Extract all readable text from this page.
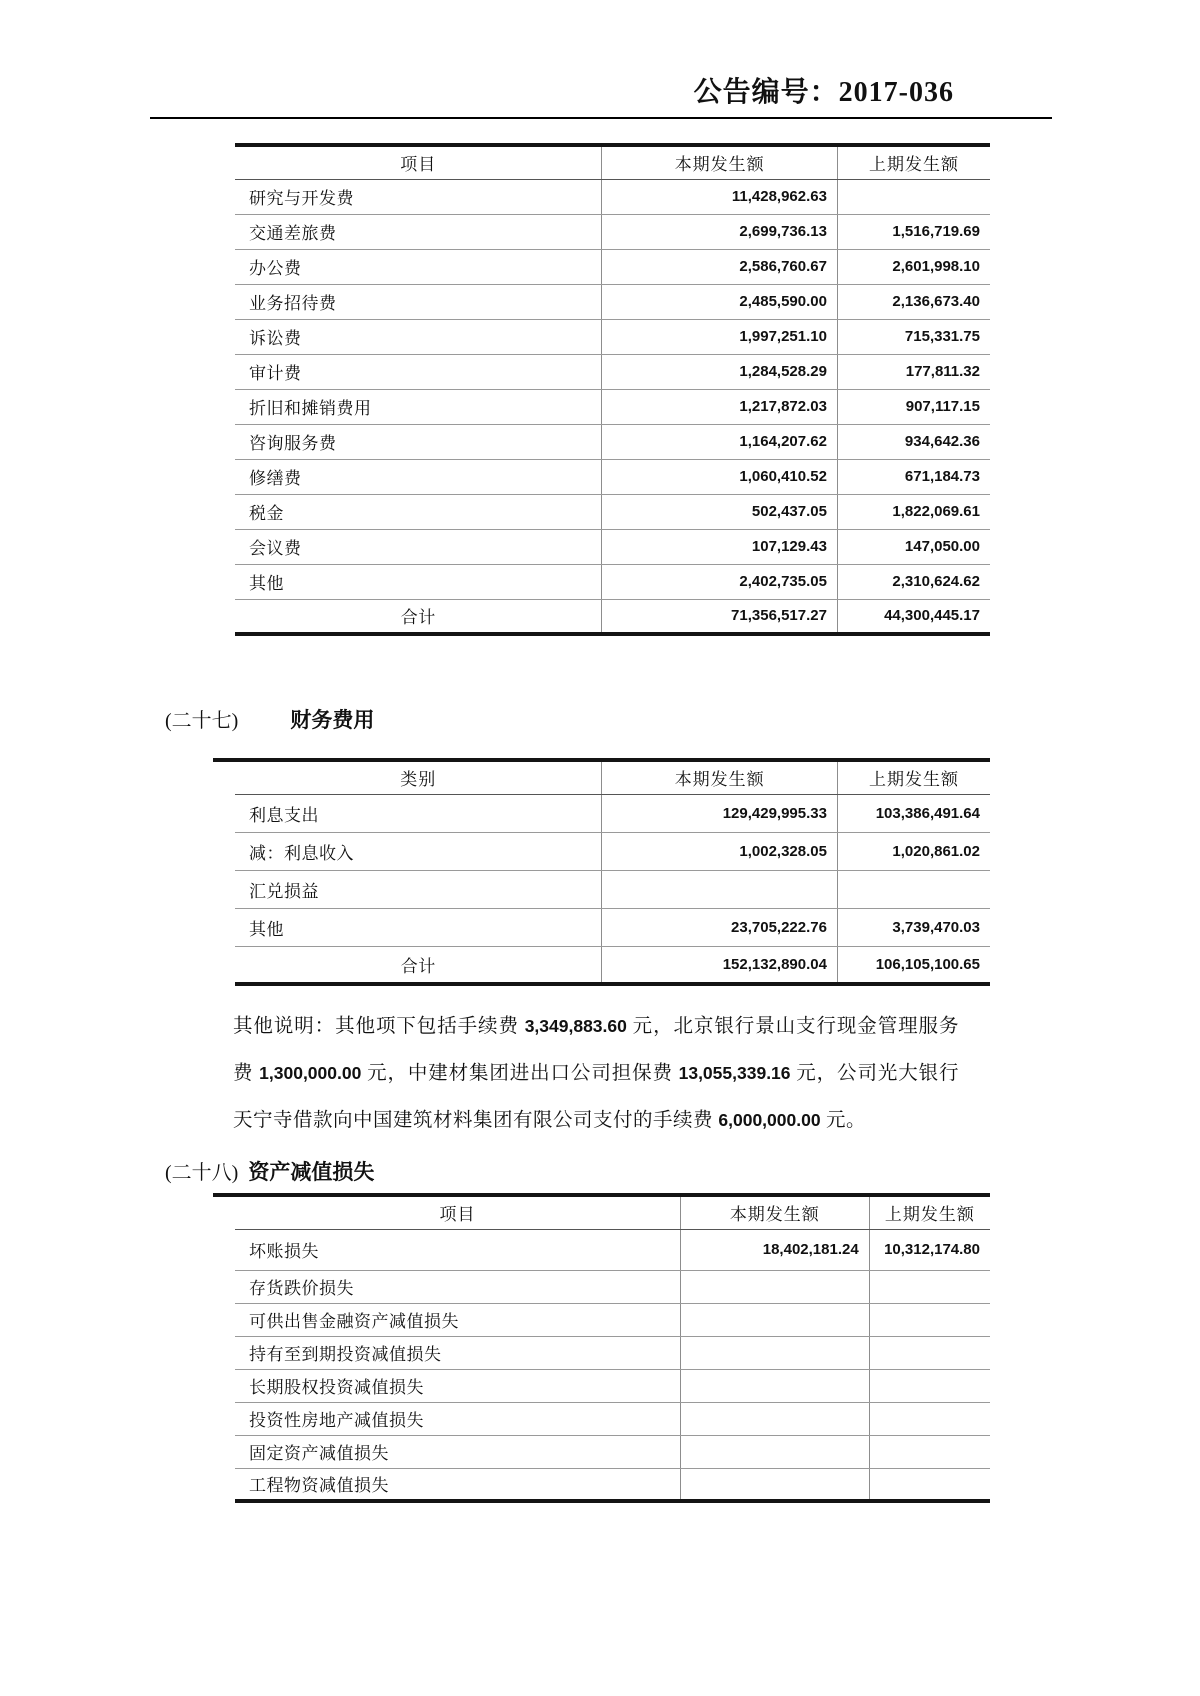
公告编号：2017-036
项目	本期发生额	上期发生额
研究与开发费	11,428,962.63	
交通差旅费	2,699,736.13	1,516,719.69
办公费	2,586,760.67	2,601,998.10
业务招待费	2,485,590.00	2,136,673.40
诉讼费	1,997,251.10	715,331.75
审计费	1,284,528.29	177,811.32
折旧和摊销费用	1,217,872.03	907,117.15
咨询服务费	1,164,207.62	934,642.36
修缮费	1,060,410.52	671,184.73
税金	502,437.05	1,822,069.61
会议费	107,129.43	147,050.00
其他	2,402,735.05	2,310,624.62
合计	71,356,517.27	44,300,445.17
(二十七) 财务费用
类别	本期发生额	上期发生额
利息支出	129,429,995.33	103,386,491.64
减：利息收入	1,002,328.05	1,020,861.02
汇兑损益		
其他	23,705,222.76	3,739,470.03
合计	152,132,890.04	106,105,100.65

其他说明：其他项下包括手续费 3,349,883.60 元，北京银行景山支行现金管理服务费 1,300,000.00 元，中建材集团进出口公司担保费 13,055,339.16 元，公司光大银行天宁寺借款向中国建筑材料集团有限公司支付的手续费 6,000,000.00 元。

(二十八) 资产减值损失
项目	本期发生额	上期发生额
坏账损失	18,402,181.24	10,312,174.80
存货跌价损失		
可供出售金融资产减值损失		
持有至到期投资减值损失		
长期股权投资减值损失		
投资性房地产减值损失		
固定资产减值损失		
工程物资减值损失		
